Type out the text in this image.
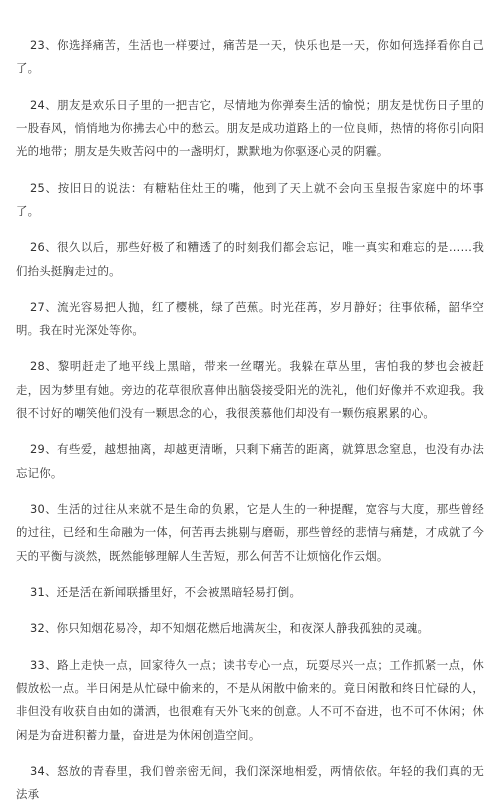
23、你选择痛苦，生活也一样要过，痛苦是一天，快乐也是一天，你如何选择看你自己了。

24、朋友是欢乐日子里的一把吉它，尽情地为你弹奏生活的愉悦；朋友是忧伤日子里的一股春风，悄悄地为你拂去心中的愁云。朋友是成功道路上的一位良师，热情的将你引向阳光的地带；朋友是失败苦闷中的一盏明灯，默默地为你驱逐心灵的阴霾。

25、按旧日的说法：有糖粘住灶王的嘴，他到了天上就不会向玉皇报告家庭中的坏事了。

26、很久以后，那些好极了和糟透了的时刻我们都会忘记，唯一真实和难忘的是……我们抬头挺胸走过的。

27、流光容易把人抛，红了樱桃，绿了芭蕉。时光荏苒，岁月静好；往事依稀，韶华空明。我在时光深处等你。

28、黎明赶走了地平线上黑暗，带来一丝曙光。我躲在草丛里，害怕我的梦也会被赶走，因为梦里有她。旁边的花草很欣喜伸出脑袋接受阳光的洗礼，他们好像并不欢迎我。我很不讨好的嘲笑他们没有一颗思念的心，我很羡慕他们却没有一颗伤痕累累的心。

29、有些爱，越想抽离，却越更清晰，只剩下痛苦的距离，就算思念窒息，也没有办法忘记你。

30、生活的过往从来就不是生命的负累，它是人生的一种提醒，宽容与大度，那些曾经的过往，已经和生命融为一体，何苦再去挑剔与磨砺，那些曾经的悲情与痛楚，才成就了今天的平衡与淡然，既然能够理解人生苦短，那么何苦不让烦恼化作云烟。

31、还是活在新闻联播里好，不会被黑暗轻易打倒。

32、你只知烟花易冷，却不知烟花燃后地满灰尘，和夜深人静我孤独的灵魂。

33、路上走快一点，回家待久一点；读书专心一点，玩耍尽兴一点；工作抓紧一点，休假放松一点。半日闲是从忙碌中偷来的，不是从闲散中偷来的。竟日闲散和终日忙碌的人，非但没有收获自由如的潇洒，也很难有天外飞来的创意。人不可不奋进，也不可不休闲；休闲是为奋进积蓄力量，奋进是为休闲创造空间。

34、怒放的青春里，我们曾亲密无间，我们深深地相爱，两情依依。年轻的我们真的无法承
